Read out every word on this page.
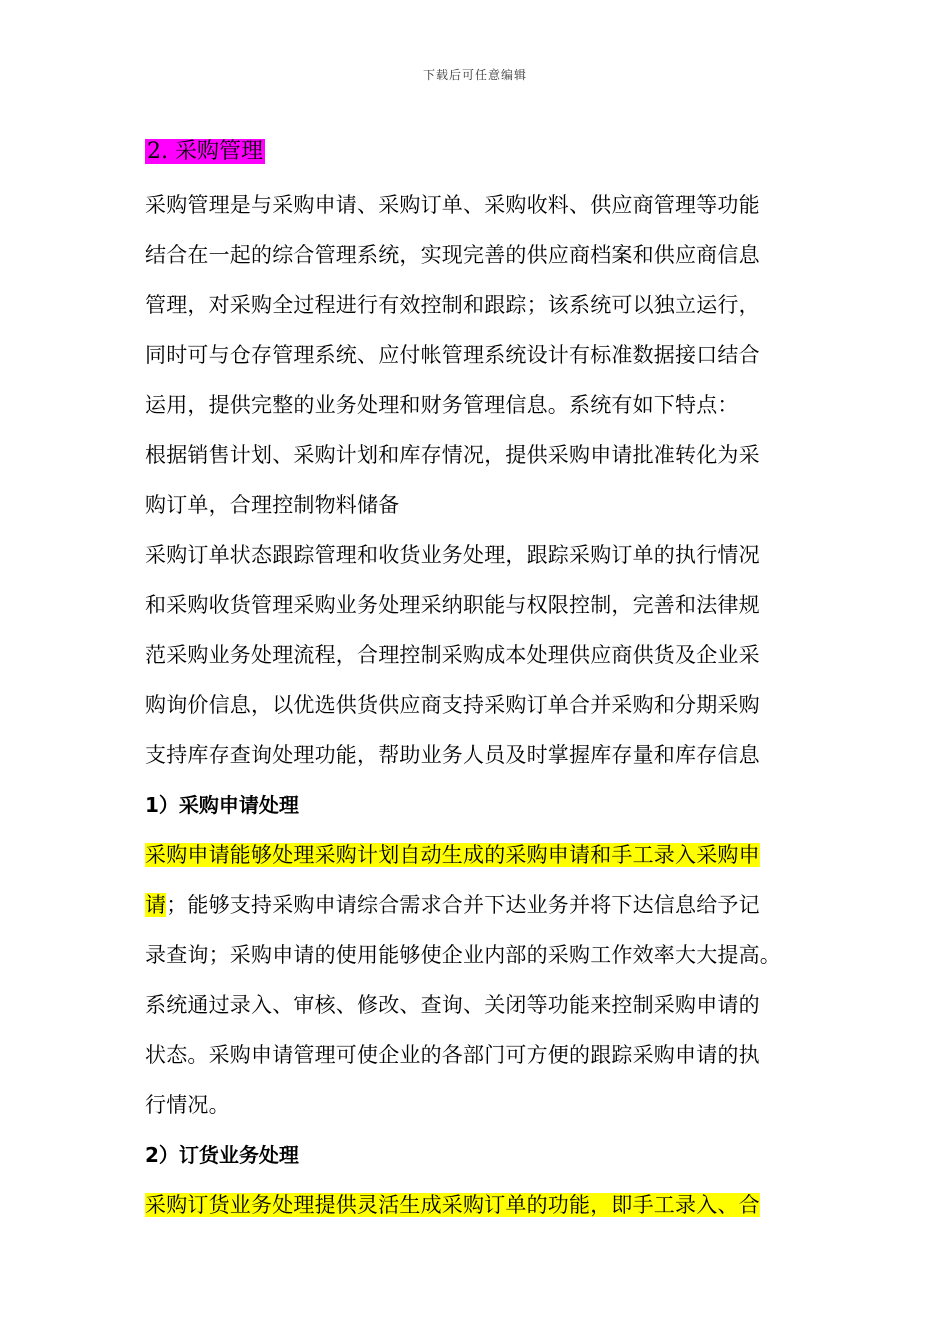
下载后可任意编辑
2. 采购管理
采购管理是与采购申请、采购订单、采购收料、供应商管理等功能
结合在一起的综合管理系统，实现完善的供应商档案和供应商信息
管理，对采购全过程进行有效控制和跟踪；该系统可以独立运行，
同时可与仓存管理系统、应付帐管理系统设计有标准数据接口结合
运用，提供完整的业务处理和财务管理信息。系统有如下特点：
根据销售计划、采购计划和库存情况，提供采购申请批准转化为采
购订单，合理控制物料储备
采购订单状态跟踪管理和收货业务处理，跟踪采购订单的执行情况
和采购收货管理采购业务处理采纳职能与权限控制，完善和法律规
范采购业务处理流程，合理控制采购成本处理供应商供货及企业采
购询价信息，以优选供货供应商支持采购订单合并采购和分期采购
支持库存查询处理功能，帮助业务人员及时掌握库存量和库存信息
1）采购申请处理
采购申请能够处理采购计划自动生成的采购申请和手工录入采购申
请；能够支持采购申请综合需求合并下达业务并将下达信息给予记
录查询；采购申请的使用能够使企业内部的采购工作效率大大提高。
系统通过录入、审核、修改、查询、关闭等功能来控制采购申请的
状态。采购申请管理可使企业的各部门可方便的跟踪采购申请的执
行情况。
2）订货业务处理
采购订货业务处理提供灵活生成采购订单的功能，即手工录入、合
